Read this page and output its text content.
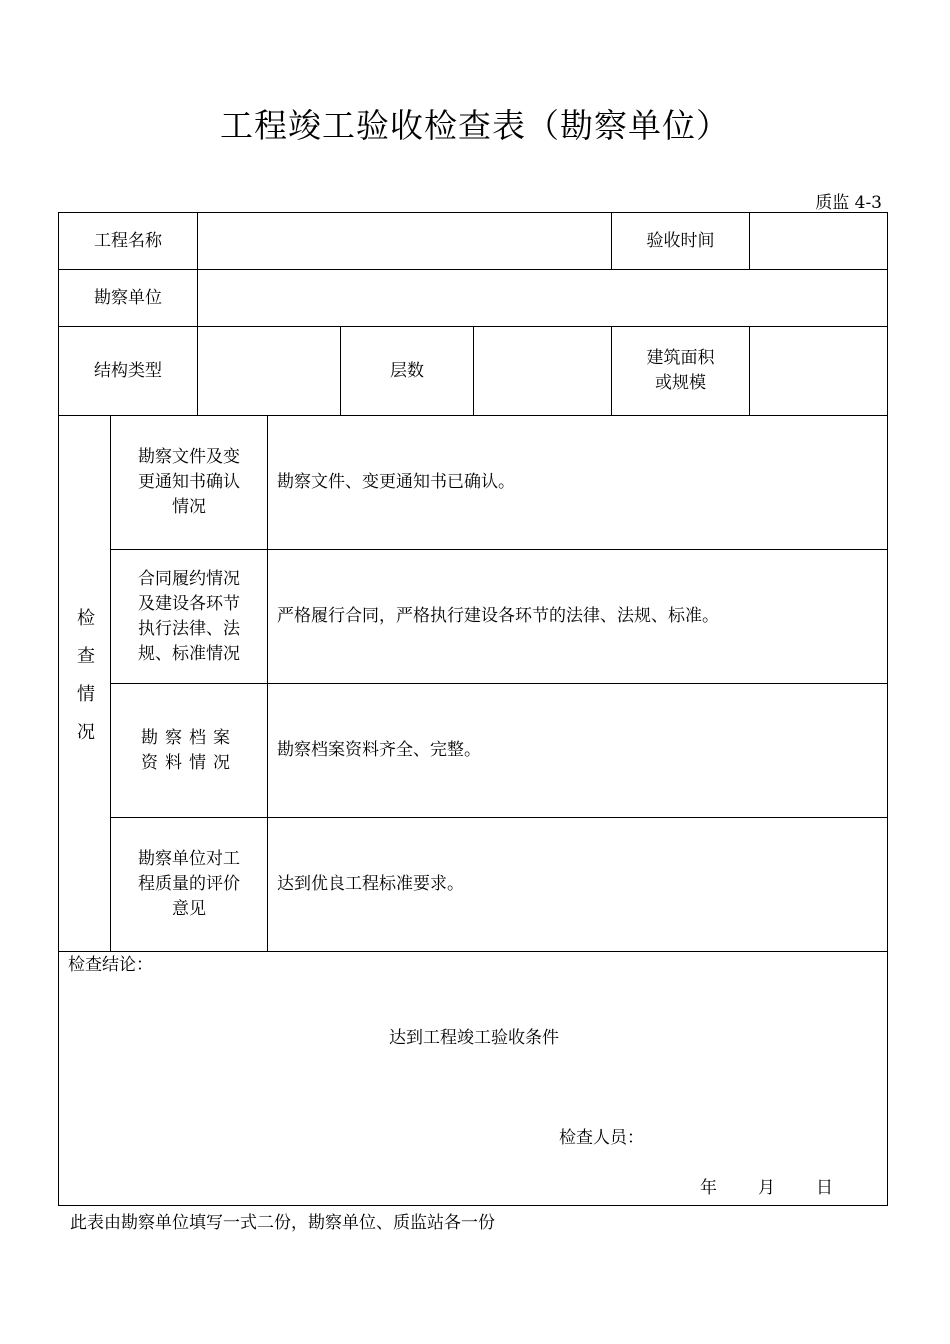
工程竣工验收检查表（勘察单位）
质监 4-3
工程名称	验收时间
勘察单位
结构类型	层数
建筑面积
或规模
检查情况
勘察文件及变更通知书确认情况
勘察文件、变更通知书已确认。
合同履约情况及建设各环节执行法律、法规、标准情况
严格履行合同，严格执行建设各环节的法律、法规、标准。
勘察档案资料情况
勘察档案资料齐全、完整。
勘察单位对工程质量的评价意见
达到优良工程标准要求。
检查结论：
达到工程竣工验收条件
检查人员：
年 月 日
此表由勘察单位填写一式二份，勘察单位、质监站各一份
